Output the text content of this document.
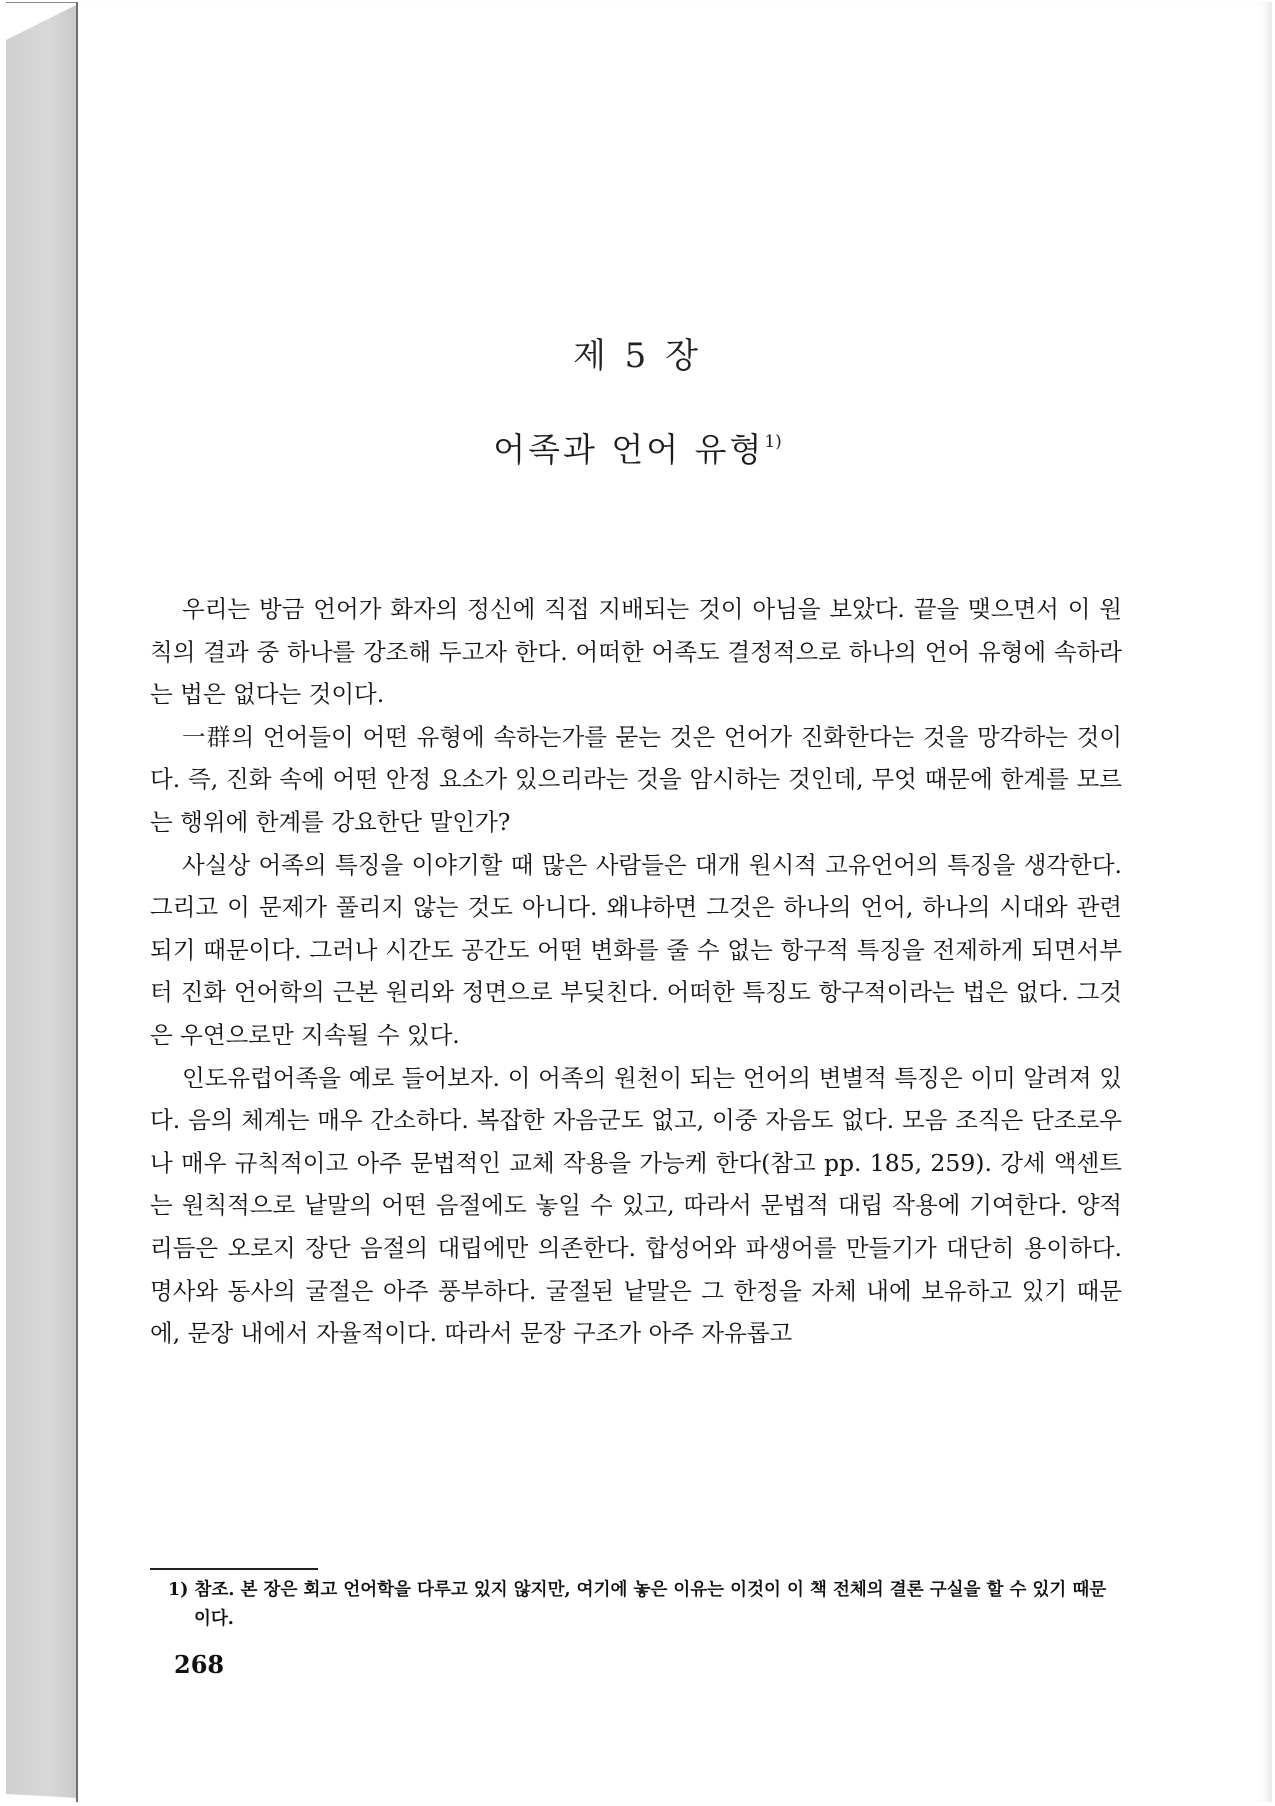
제 5 장
어족과 언어 유형$^{1)}$

우리는 방금 언어가 화자의 정신에 직접 지배되는 것이 아님을 보았다. 끝을 맺으면서 이 원칙의 결과 중 하나를 강조해 두고자 한다. 어떠한 어족도 결정적으로 하나의 언어 유형에 속하라는 법은 없다는 것이다.

一群의 언어들이 어떤 유형에 속하는가를 묻는 것은 언어가 진화한다는 것을 망각하는 것이다. 즉, 진화 속에 어떤 안정 요소가 있으리라는 것을 암시하는 것인데, 무엇 때문에 한계를 모르는 행위에 한계를 강요한단 말인가?

사실상 어족의 특징을 이야기할 때 많은 사람들은 대개 원시적 고유언어의 특징을 생각한다. 그리고 이 문제가 풀리지 않는 것도 아니다. 왜냐하면 그것은 하나의 언어, 하나의 시대와 관련되기 때문이다. 그러나 시간도 공간도 어떤 변화를 줄 수 없는 항구적 특징을 전제하게 되면서부터 진화 언어학의 근본 원리와 정면으로 부딪친다. 어떠한 특징도 항구적이라는 법은 없다. 그것은 우연으로만 지속될 수 있다.

인도유럽어족을 예로 들어보자. 이 어족의 원천이 되는 언어의 변별적 특징은 이미 알려져 있다. 음의 체계는 매우 간소하다. 복잡한 자음군도 없고, 이중 자음도 없다. 모음 조직은 단조로우나 매우 규칙적이고 아주 문법적인 교체 작용을 가능케 한다(참고 pp. 185, 259). 강세 액센트는 원칙적으로 낱말의 어떤 음절에도 놓일 수 있고, 따라서 문법적 대립 작용에 기여한다. 양적 리듬은 오로지 장단 음절의 대립에만 의존한다. 합성어와 파생어를 만들기가 대단히 용이하다. 명사와 동사의 굴절은 아주 풍부하다. 굴절된 낱말은 그 한정을 자체 내에 보유하고 있기 때문에, 문장 내에서 자율적이다. 따라서 문장 구조가 아주 자유롭고

1) 참조. 본 장은 회고 언어학을 다루고 있지 않지만, 여기에 놓은 이유는 이것이 이 책 전체의 결론 구실을 할 수 있기 때문이다.
268
